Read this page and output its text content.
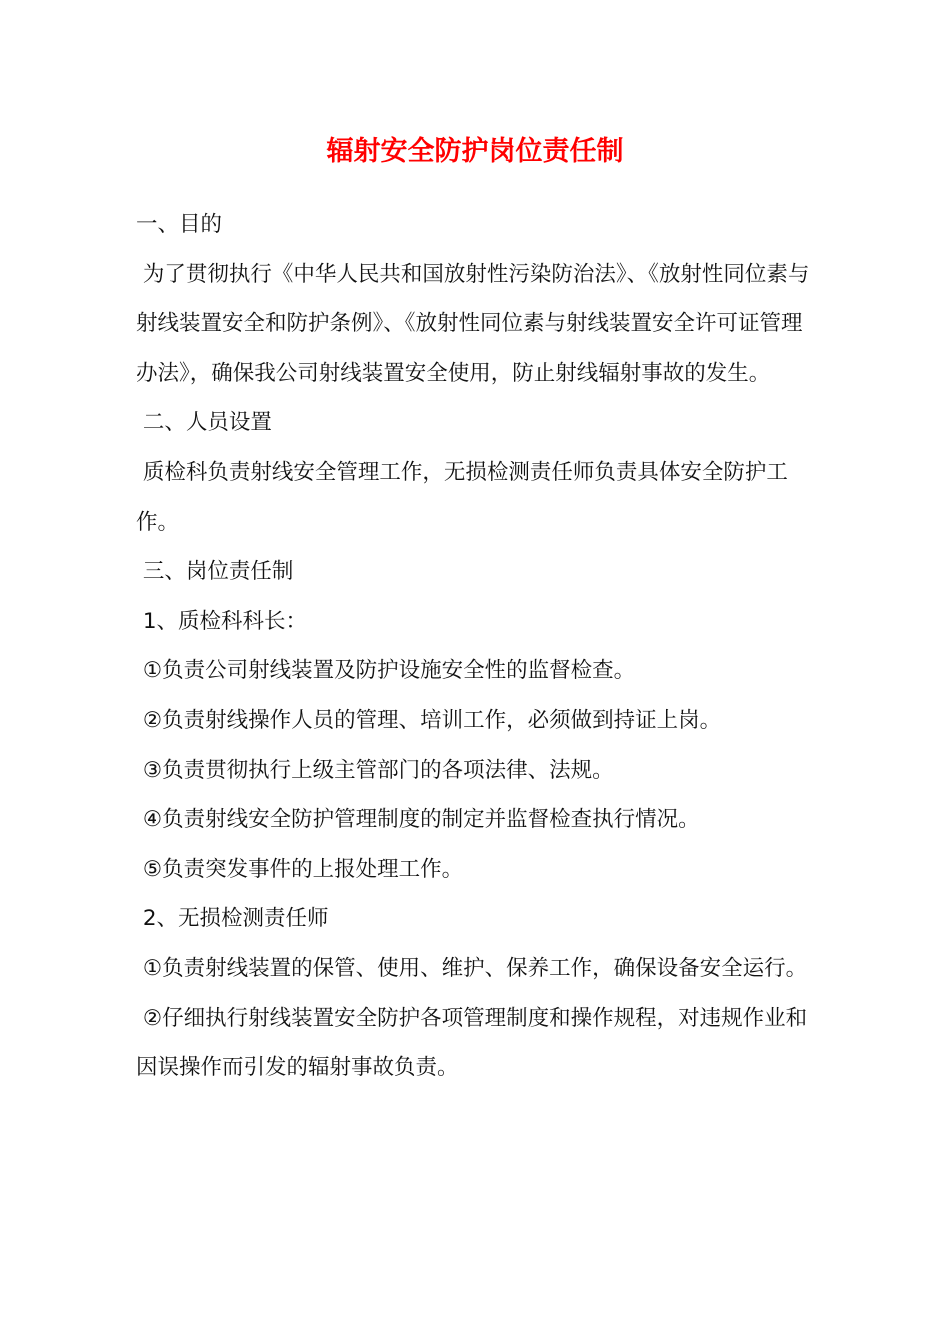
辐射安全防护岗位责任制

一、目的

为了贯彻执行《中华人民共和国放射性污染防治法》、《放射性同位素与射线装置安全和防护条例》、《放射性同位素与射线装置安全许可证管理办法》，确保我公司射线装置安全使用，防止射线辐射事故的发生。

二、人员设置

质检科负责射线安全管理工作，无损检测责任师负责具体安全防护工作。

三、岗位责任制

1、质检科科长：

①负责公司射线装置及防护设施安全性的监督检查。

②负责射线操作人员的管理、培训工作，必须做到持证上岗。

③负责贯彻执行上级主管部门的各项法律、法规。

④负责射线安全防护管理制度的制定并监督检查执行情况。

⑤负责突发事件的上报处理工作。

2、无损检测责任师

①负责射线装置的保管、使用、维护、保养工作，确保设备安全运行。

②仔细执行射线装置安全防护各项管理制度和操作规程，对违规作业和因误操作而引发的辐射事故负责。
